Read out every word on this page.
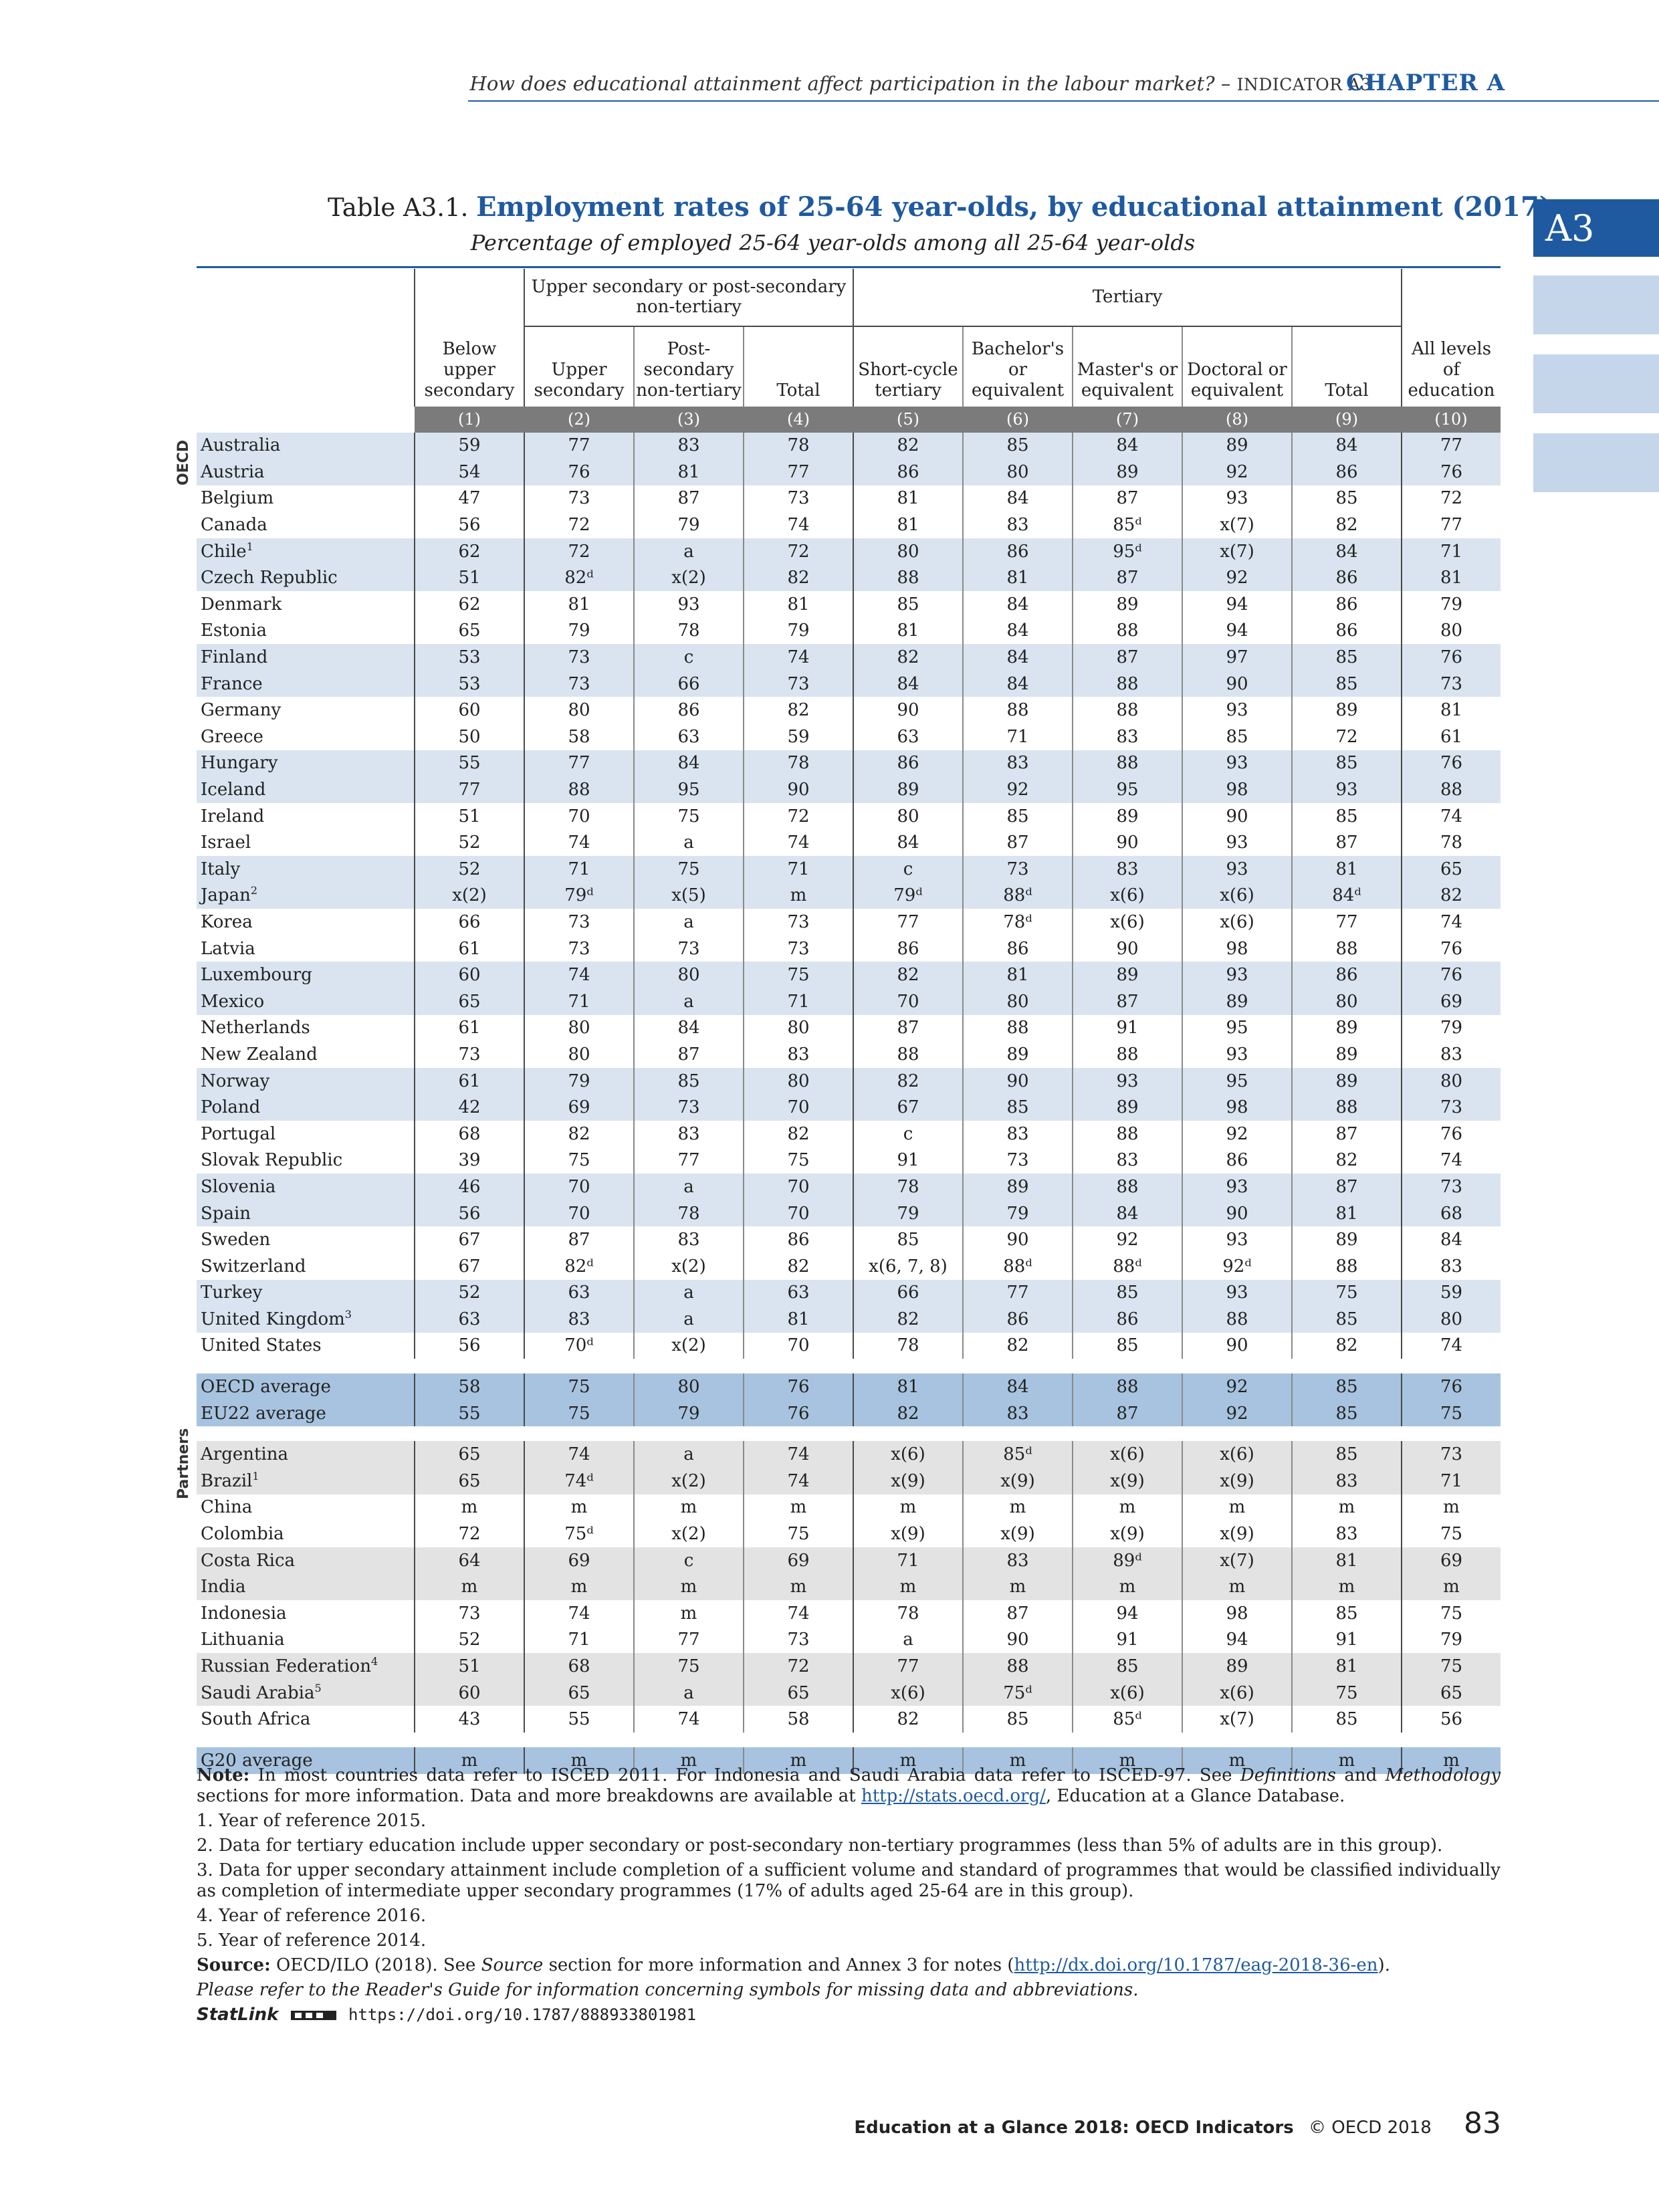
How does educational attainment affect participation in the labour market? – INDICATOR A3
CHAPTER A
A3
Table A3.1. Employment rates of 25-64 year-olds, by educational attainment (2017)
Percentage of employed 25-64 year-olds among all 25-64 year-olds

		Upper secondary or post-secondary non-tertiary			Tertiary					
	Below upper secondary	Upper secondary	Post-secondary non-tertiary	Total	Short-cycle tertiary	Bachelor's or equivalent	Master's or equivalent	Doctoral or equivalent	Total	All levels of education
	(1)	(2)	(3)	(4)	(5)	(6)	(7)	(8)	(9)	(10)
Australia	59	77	83	78	82	85	84	89	84	77
Austria	54	76	81	77	86	80	89	92	86	76
Belgium	47	73	87	73	81	84	87	93	85	72
Canada	56	72	79	74	81	83	85ᵈ	x(7)	82	77
Chile$^1$	62	72	a	72	80	86	95ᵈ	x(7)	84	71
Czech Republic	51	82ᵈ	x(2)	82	88	81	87	92	86	81
Denmark	62	81	93	81	85	84	89	94	86	79
Estonia	65	79	78	79	81	84	88	94	86	80
Finland	53	73	c	74	82	84	87	97	85	76
France	53	73	66	73	84	84	88	90	85	73
Germany	60	80	86	82	90	88	88	93	89	81
Greece	50	58	63	59	63	71	83	85	72	61
Hungary	55	77	84	78	86	83	88	93	85	76
Iceland	77	88	95	90	89	92	95	98	93	88
Ireland	51	70	75	72	80	85	89	90	85	74
Israel	52	74	a	74	84	87	90	93	87	78
Italy	52	71	75	71	c	73	83	93	81	65
Japan$^2$	x(2)	79ᵈ	x(5)	m	79ᵈ	88ᵈ	x(6)	x(6)	84ᵈ	82
Korea	66	73	a	73	77	78ᵈ	x(6)	x(6)	77	74
Latvia	61	73	73	73	86	86	90	98	88	76
Luxembourg	60	74	80	75	82	81	89	93	86	76
Mexico	65	71	a	71	70	80	87	89	80	69
Netherlands	61	80	84	80	87	88	91	95	89	79
New Zealand	73	80	87	83	88	89	88	93	89	83
Norway	61	79	85	80	82	90	93	95	89	80
Poland	42	69	73	70	67	85	89	98	88	73
Portugal	68	82	83	82	c	83	88	92	87	76
Slovak Republic	39	75	77	75	91	73	83	86	82	74
Slovenia	46	70	a	70	78	89	88	93	87	73
Spain	56	70	78	70	79	79	84	90	81	68
Sweden	67	87	83	86	85	90	92	93	89	84
Switzerland	67	82ᵈ	x(2)	82	x(6, 7, 8)	88ᵈ	88ᵈ	92ᵈ	88	83
Turkey	52	63	a	63	66	77	85	93	75	59
United Kingdom$^3$	63	83	a	81	82	86	86	88	85	80
United States	56	70ᵈ	x(2)	70	78	82	85	90	82	74

OECD average	58	75	80	76	81	84	88	92	85	76
EU22 average	55	75	79	76	82	83	87	92	85	75

Argentina	65	74	a	74	x(6)	85ᵈ	x(6)	x(6)	85	73
Brazil$^1$	65	74ᵈ	x(2)	74	x(9)	x(9)	x(9)	x(9)	83	71
China	m	m	m	m	m	m	m	m	m	m
Colombia	72	75ᵈ	x(2)	75	x(9)	x(9)	x(9)	x(9)	83	75
Costa Rica	64	69	c	69	71	83	89ᵈ	x(7)	81	69
India	m	m	m	m	m	m	m	m	m	m
Indonesia	73	74	m	74	78	87	94	98	85	75
Lithuania	52	71	77	73	a	90	91	94	91	79
Russian Federation$^4$	51	68	75	72	77	88	85	89	81	75
Saudi Arabia$^5$	60	65	a	65	x(6)	75ᵈ	x(6)	x(6)	75	65
South Africa	43	55	74	58	82	85	85ᵈ	x(7)	85	56

G20 average	m	m	m	m	m	m	m	m	m	m
OECD
Partners

Note: In most countries data refer to ISCED 2011. For Indonesia and Saudi Arabia data refer to ISCED-97. See Definitions and Methodology sections for more information. Data and more breakdowns are available at http://stats.oecd.org/, Education at a Glance Database.

1. Year of reference 2015.

2. Data for tertiary education include upper secondary or post-secondary non-tertiary programmes (less than 5% of adults are in this group).

3. Data for upper secondary attainment include completion of a sufficient volume and standard of programmes that would be classified individually as completion of intermediate upper secondary programmes (17% of adults aged 25-64 are in this group).

4. Year of reference 2016.

5. Year of reference 2014.

Source: OECD/ILO (2018). See Source section for more information and Annex 3 for notes (http://dx.doi.org/10.1787/eag-2018-36-en).

Please refer to the Reader's Guide for information concerning symbols for missing data and abbreviations.

StatLink	https://doi.org/10.1787/888933801981

Education at a Glance 2018: OECD Indicators © OECD 2018 83
